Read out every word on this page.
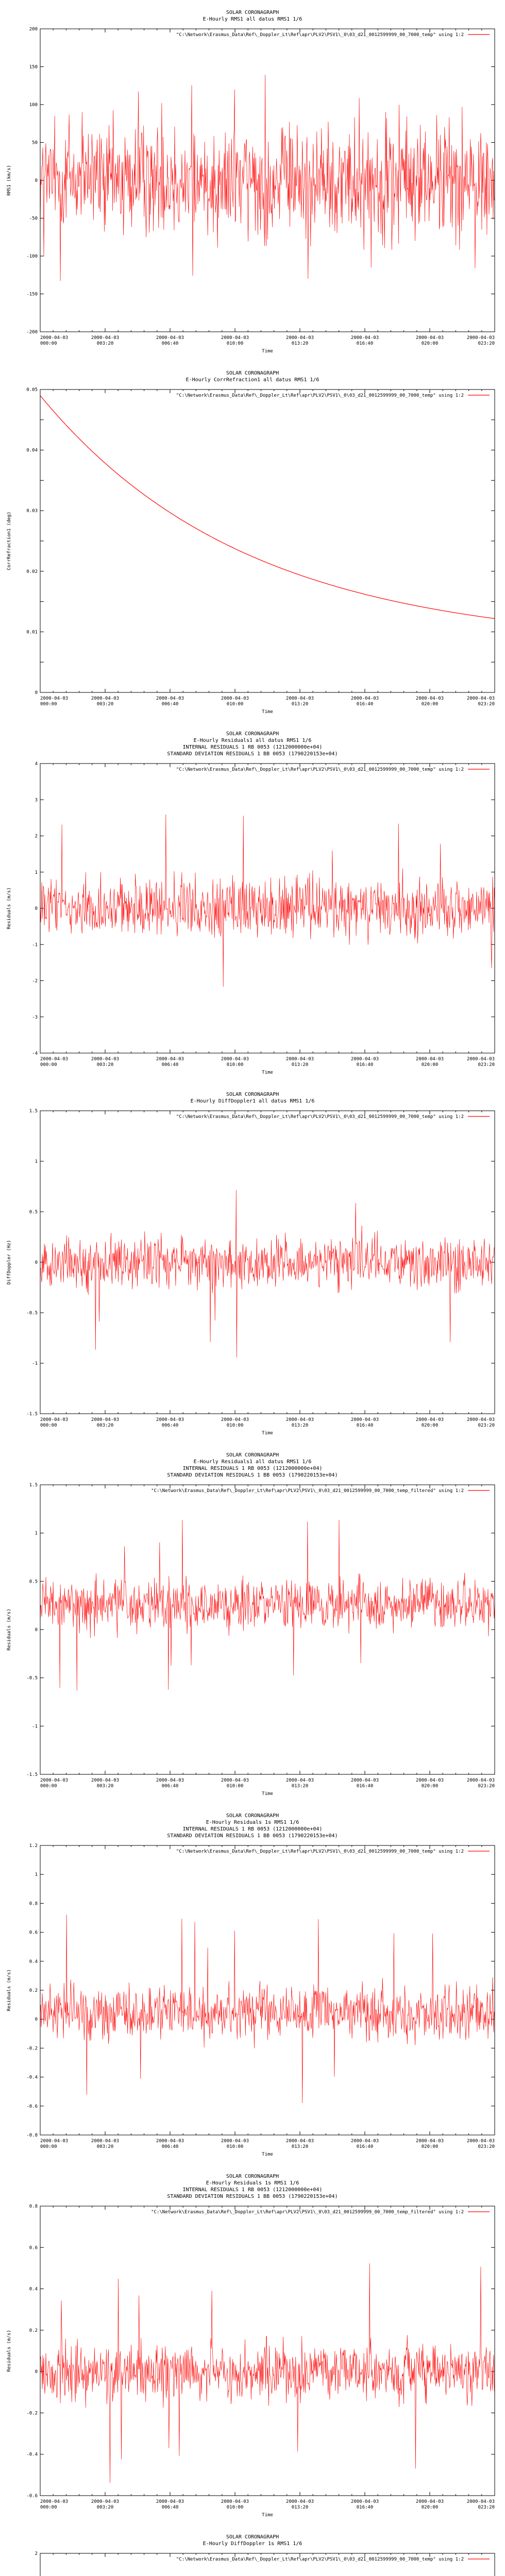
SOLAR CORONAGRAPH
E-Hourly RMS1 all datus RMS1 1/6
-200
-150
-100
-50
0
50
100
150
200
2000-04-03
000:00
2000-04-03
003:20
2000-04-03
006:40
2000-04-03
010:00
2000-04-03
013:20
2000-04-03
016:40
2000-04-03
020:00
2000-04-03
023:20
Time
RMS1 (km/s)
"C:\Network\Erasmus_Data\Ref\_Doppler_Lt\Ref\apr\PLV2\PSV1\_0\03_d21_0012599999_00_7000_temp" using 1:2
SOLAR CORONAGRAPH
E-Hourly CorrRefraction1 all datus RMS1 1/6
0
0.01
0.02
0.03
0.04
0.05
2000-04-03
000:00
2000-04-03
003:20
2000-04-03
006:40
2000-04-03
010:00
2000-04-03
013:20
2000-04-03
016:40
2000-04-03
020:00
2000-04-03
023:20
Time
CorrRefraction1 (deg)
"C:\Network\Erasmus_Data\Ref\_Doppler_Lt\Ref\apr\PLV2\PSV1\_0\03_d21_0012599999_00_7000_temp" using 1:2
SOLAR CORONAGRAPH
E-Hourly Residuals1 all datus RMS1 1/6
INTERNAL RESIDUALS 1 RB 0053 (1212000000e+04)
STANDARD DEVIATION RESIDUALS 1 BB 0053 (1790220153e+04)
-4
-3
-2
-1
0
1
2
3
4
2000-04-03
000:00
2000-04-03
003:20
2000-04-03
006:40
2000-04-03
010:00
2000-04-03
013:20
2000-04-03
016:40
2000-04-03
020:00
2000-04-03
023:20
Time
Residuals (m/s)
"C:\Network\Erasmus_Data\Ref\_Doppler_Lt\Ref\apr\PLV2\PSV1\_0\03_d21_0012599999_00_7000_temp" using 1:2
SOLAR CORONAGRAPH
E-Hourly DiffDoppler1 all datus RMS1 1/6
-1.5
-1
-0.5
0
0.5
1
1.5
2000-04-03
000:00
2000-04-03
003:20
2000-04-03
006:40
2000-04-03
010:00
2000-04-03
013:20
2000-04-03
016:40
2000-04-03
020:00
2000-04-03
023:20
Time
DiffDoppler (Hz)
"C:\Network\Erasmus_Data\Ref\_Doppler_Lt\Ref\apr\PLV2\PSV1\_0\03_d21_0012599999_00_7000_temp" using 1:2
SOLAR CORONAGRAPH
E-Hourly Residuals1 all datus RMS1 1/6
INTERNAL RESIDUALS 1 RB 0053 (1212000000e+04)
STANDARD DEVIATION RESIDUALS 1 BB 0053 (1790220153e+04)
-1.5
-1
-0.5
0
0.5
1
1.5
2000-04-03
000:00
2000-04-03
003:20
2000-04-03
006:40
2000-04-03
010:00
2000-04-03
013:20
2000-04-03
016:40
2000-04-03
020:00
2000-04-03
023:20
Time
Residuals (m/s)
"C:\Network\Erasmus_Data\Ref\_Doppler_Lt\Ref\apr\PLV2\PSV1\_0\03_d21_0012599999_00_7000_temp_filtered" using 1:2
SOLAR CORONAGRAPH
E-Hourly Residuals 1s RMS1 1/6
INTERNAL RESIDUALS 1 RB 0053 (1212000000e+04)
STANDARD DEVIATION RESIDUALS 1 BB 0053 (1790220153e+04)
-0.8
-0.6
-0.4
-0.2
0
0.2
0.4
0.6
0.8
1
1.2
2000-04-03
000:00
2000-04-03
003:20
2000-04-03
006:40
2000-04-03
010:00
2000-04-03
013:20
2000-04-03
016:40
2000-04-03
020:00
2000-04-03
023:20
Time
Residuals (m/s)
"C:\Network\Erasmus_Data\Ref\_Doppler_Lt\Ref\apr\PLV2\PSV1\_0\03_d21_0012599999_00_7000_temp" using 1:2
SOLAR CORONAGRAPH
E-Hourly Residuals 1s RMS1 1/6
INTERNAL RESIDUALS 1 RB 0053 (1212000000e+04)
STANDARD DEVIATION RESIDUALS 1 BB 0053 (1790220153e+04)
-0.6
-0.4
-0.2
0
0.2
0.4
0.6
0.8
2000-04-03
000:00
2000-04-03
003:20
2000-04-03
006:40
2000-04-03
010:00
2000-04-03
013:20
2000-04-03
016:40
2000-04-03
020:00
2000-04-03
023:20
Time
Residuals (m/s)
"C:\Network\Erasmus_Data\Ref\_Doppler_Lt\Ref\apr\PLV2\PSV1\_0\03_d21_0012599999_00_7000_temp_filtered" using 1:2
SOLAR CORONAGRAPH
E-Hourly DiffDoppler 1s RMS1 1/6
2
"C:\Network\Erasmus_Data\Ref\_Doppler_Lt\Ref\apr\PLV2\PSV1\_0\03_d21_0012599999_00_7000_temp" using 1:2
